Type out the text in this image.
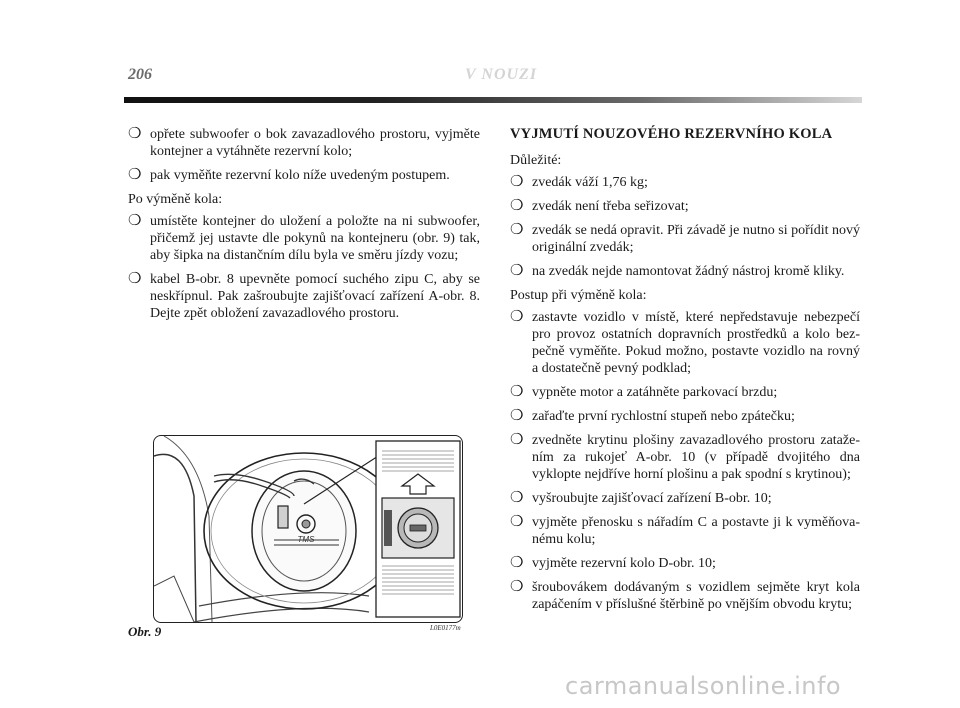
206	V NOUZI
❍ opřete subwoofer o bok zavazadlového prostoru, vyjměte kontejner a vytáhněte rezervní kolo;
❍ pak vyměňte rezervní kolo níže uvedeným postupem.

Po výměně kola:

❍ umístěte kontejner do uložení a položte na ni subwoofer, přičemž jej ustavte dle pokynů na kontejneru (obr. 9) tak, aby šipka na distančním dílu byla ve směru jízdy vozu;
❍ kabel B-obr. 8 upevněte pomocí suchého zipu C, aby se neskřípnul. Pak zašroubujte zajišťovací zařízení A-obr. 8. Dejte zpět obložení zavazadlového prostoru.
TMS
Obr. 9	L0E0177m
VYJMUTÍ NOUZOVÉHO REZERVNÍHO KOLA

Důležité:

❍ zvedák váží 1,76 kg;
❍ zvedák není třeba seřizovat;
❍ zvedák se nedá opravit. Při závadě je nutno si pořídit nový originální zvedák;
❍ na zvedák nejde namontovat žádný nástroj kromě kliky.

Postup při výměně kola:

❍ zastavte vozidlo v místě, které nepředstavuje nebezpečí pro provoz ostatních dopravních prostředků a kolo bezpečně vyměňte. Pokud možno, postavte vozidlo na rovný a dostatečně pevný podklad;
❍ vypněte motor a zatáhněte parkovací brzdu;
❍ zařaďte první rychlostní stupeň nebo zpátečku;
❍ zvedněte krytinu plošiny zavazadlového prostoru zatažením za rukojeť A-obr. 10 (v případě dvojitého dna vyklopte nejdříve horní plošinu a pak spodní s krytinou);
❍ vyšroubujte zajišťovací zařízení B-obr. 10;
❍ vyjměte přenosku s nářadím C a postavte ji k vyměňovanému kolu;
❍ vyjměte rezervní kolo D-obr. 10;
❍ šroubovákem dodávaným s vozidlem sejměte kryt kola zapáčením v příslušné štěrbině po vnějším obvodu krytu;
carmanualsonline.info
